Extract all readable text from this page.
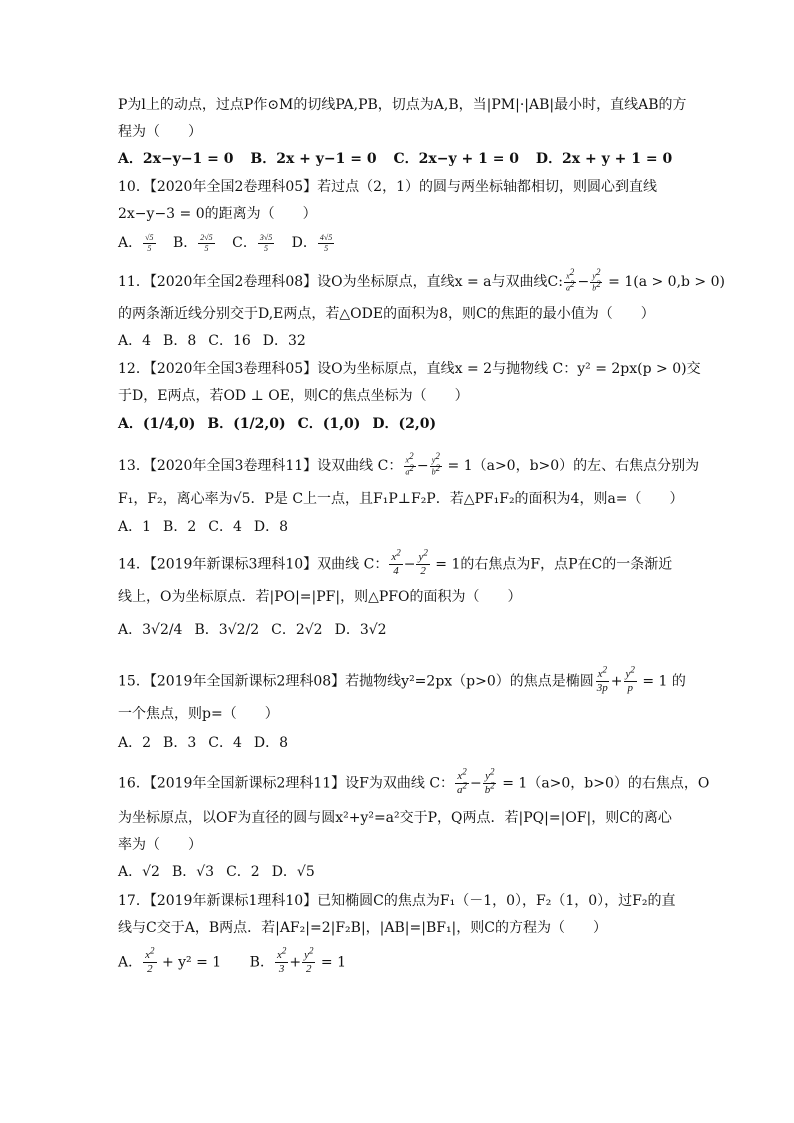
P为l上的动点，过点P作⊙M的切线PA,PB，切点为A,B，当|PM|·|AB|最小时，直线AB的方
程为（　　）
A．2x−y−1 = 0 B．2x + y−1 = 0 C．2x−y + 1 = 0 D．2x + y + 1 = 0
10．【2020年全国2卷理科05】若过点（2，1）的圆与两坐标轴都相切，则圆心到直线
2x−y−3 = 0的距离为（　　）
A． $\frac{√5}{5}$ B． $\frac{2√5}{5}$ C． $\frac{3√5}{5}$ D． $\frac{4√5}{5}$
11．【2020年全国2卷理科08】设O为坐标原点，直线x = a与双曲线C: $\frac{x^2}{a^2} - \frac{y^2}{b^2} = 1(a > 0,b > 0)$
的两条渐近线分别交于D,E两点，若△ODE的面积为8，则C的焦距的最小值为（　　）
A．4 B．8 C．16 D．32
12．【2020年全国3卷理科05】设O为坐标原点，直线x = 2与抛物线 C：y² = 2px(p > 0)交
于D，E两点，若OD ⊥ OE，则C的焦点坐标为（　　）
A．(1/4,0) B．(1/2,0) C．(1,0) D．(2,0)
13．【2020年全国3卷理科11】设双曲线 C： $\frac{x^2}{a^2} - \frac{y^2}{b^2} = 1(a>0$，b>0）的左、右焦点分别为
F₁，F₂，离心率为√5．P是 C上一点，且F₁P⊥F₂P．若△PF₁F₂的面积为4，则a=（　　）
A．1 B．2 C．4 D．8
14．【2019年新课标3理科10】双曲线 C： $\frac{x^2}{4} - \frac{y^2}{2} = 1$的右焦点为F，点P在C的一条渐近
线上，O为坐标原点．若|PO|=|PF|，则△PFO的面积为（　　）
A．3√2/4 B．3√2/2 C．2√2 D．3√2
15．【2019年全国新课标2理科08】若抛物线y²=2px（p>0）的焦点是椭圆 $\frac{x^2}{3p} + \frac{y^2}{p} = 1$ 的
一个焦点，则p=（　　）
A．2 B．3 C．4 D．8
16．【2019年全国新课标2理科11】设F为双曲线 C： $\frac{x^2}{a^2} - \frac{y^2}{b^2} = 1(a>0$，b>0）的右焦点，O
为坐标原点，以OF为直径的圆与圆x²+y²=a²交于P，Q两点．若|PQ|=|OF|，则C的离心
率为（　　）
A．√2 B．√3 C．2 D．√5
17．【2019年新课标1理科10】已知椭圆C的焦点为F₁（－1，0），F₂（1，0），过F₂的直
线与C交于A，B两点．若|AF₂|=2|F₂B|，|AB|=|BF₁|，则C的方程为（　　）
A． $\frac{x^2}{2} + y^2 = 1$ B． $\frac{x^2}{3} + \frac{y^2}{2} = 1$
